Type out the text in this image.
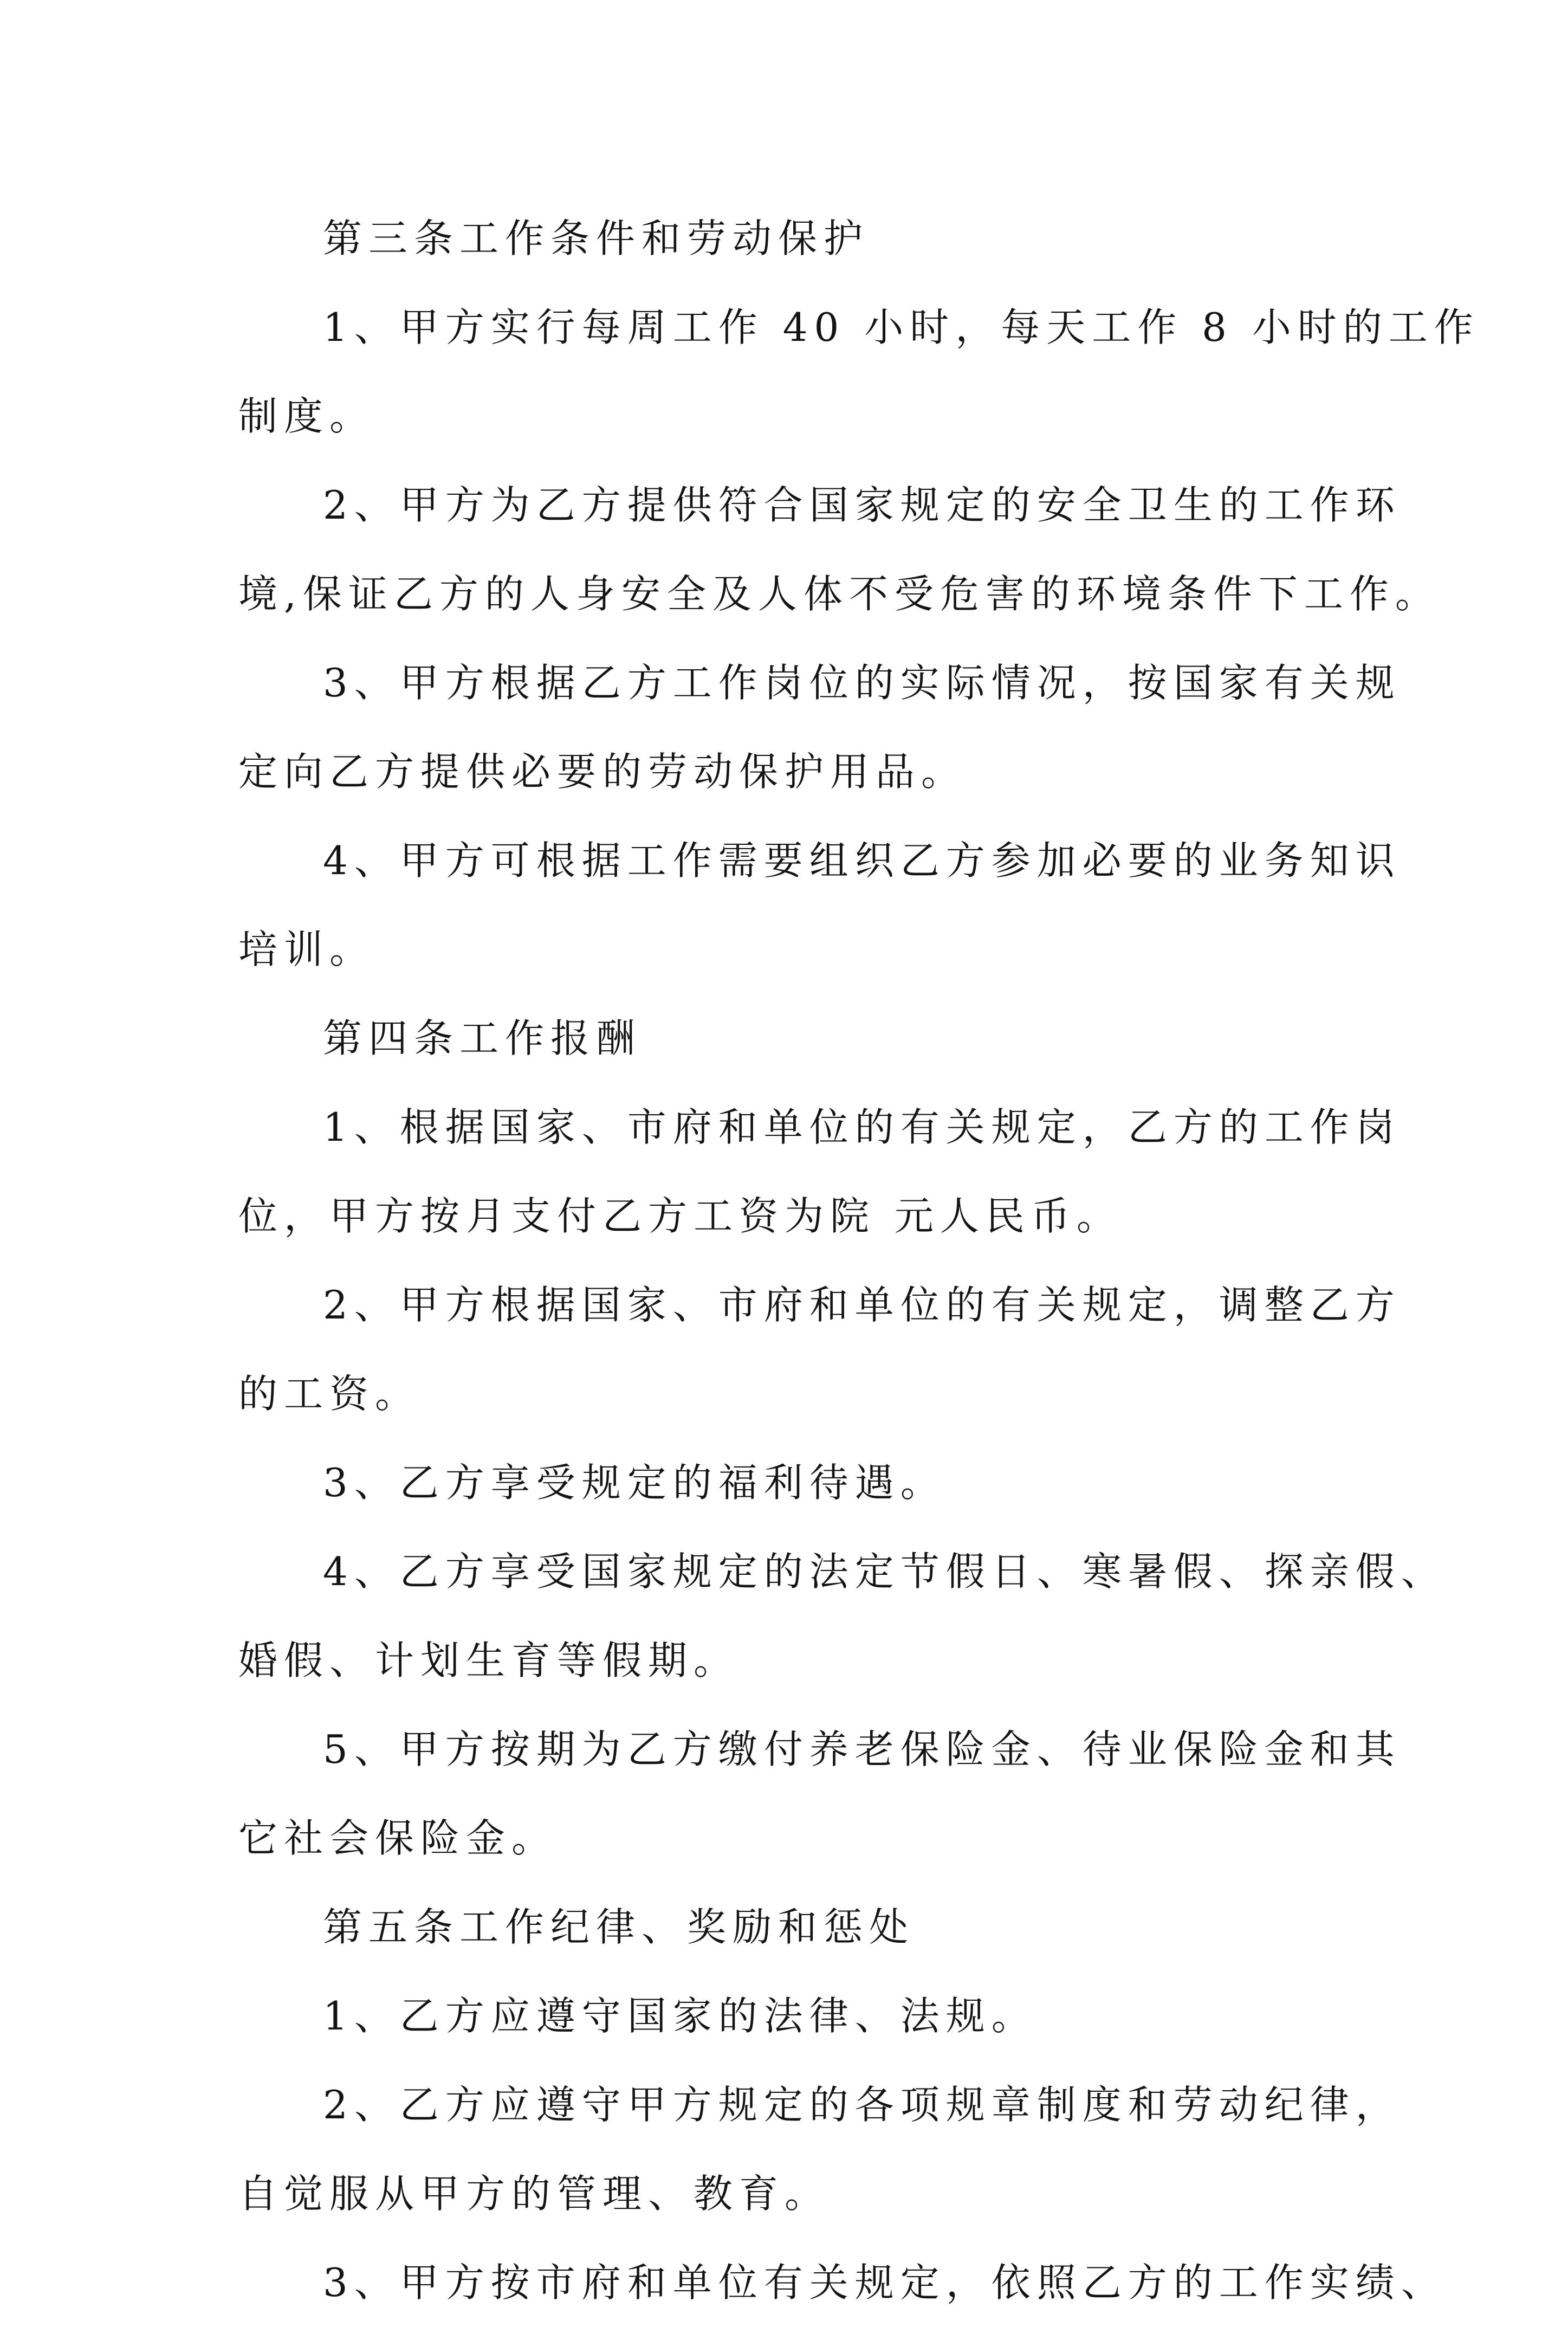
第三条工作条件和劳动保护

1、甲方实行每周工作 40 小时，每天工作 8 小时的工作

制度。

2、甲方为乙方提供符合国家规定的安全卫生的工作环

境,保证乙方的人身安全及人体不受危害的环境条件下工作。

3、甲方根据乙方工作岗位的实际情况，按国家有关规

定向乙方提供必要的劳动保护用品。

4、甲方可根据工作需要组织乙方参加必要的业务知识

培训。

第四条工作报酬

1、根据国家、市府和单位的有关规定，乙方的工作岗

位，甲方按月支付乙方工资为院 元人民币。

2、甲方根据国家、市府和单位的有关规定，调整乙方

的工资。

3、乙方享受规定的福利待遇。

4、乙方享受国家规定的法定节假日、寒暑假、探亲假、

婚假、计划生育等假期。

5、甲方按期为乙方缴付养老保险金、待业保险金和其

它社会保险金。

第五条工作纪律、奖励和惩处

1、乙方应遵守国家的法律、法规。

2、乙方应遵守甲方规定的各项规章制度和劳动纪律，

自觉服从甲方的管理、教育。

3、甲方按市府和单位有关规定，依照乙方的工作实绩、
